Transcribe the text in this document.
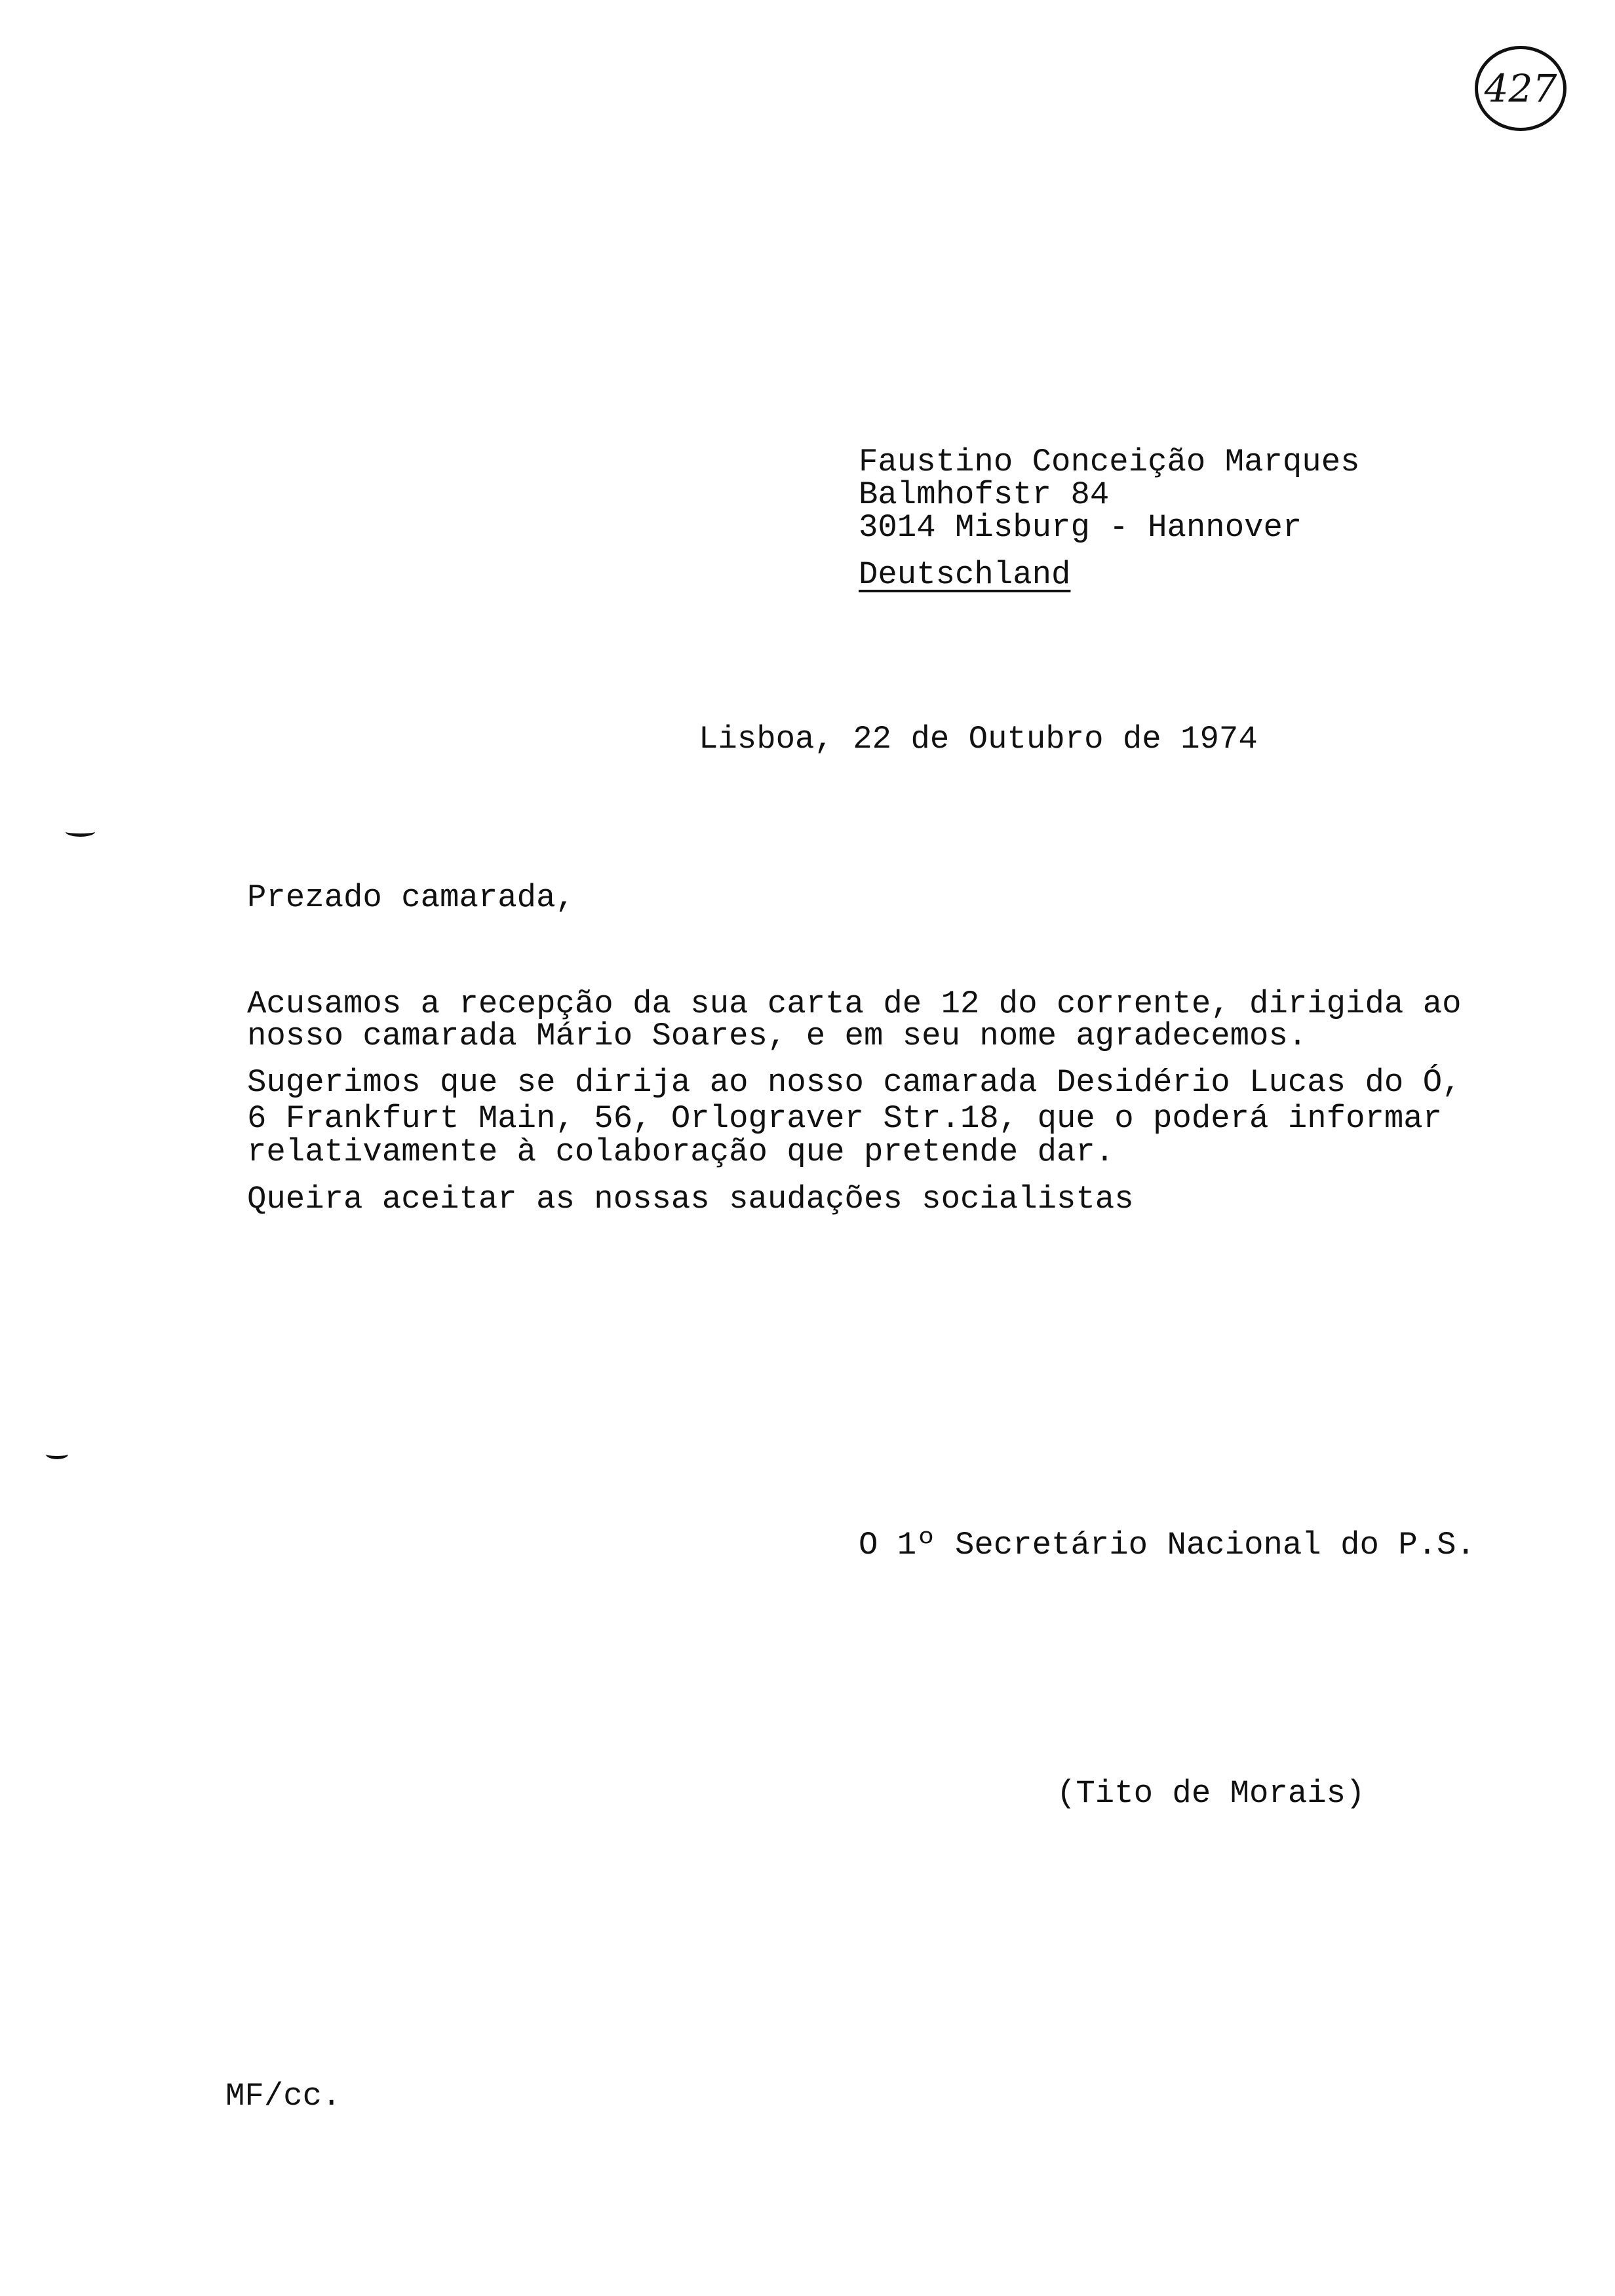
427
Faustino Conceição Marques
Balmhofstr 84
3014 Misburg - Hannover
Deutschland
Lisboa, 22 de Outubro de 1974
Prezado camarada,
Acusamos a recepção da sua carta de 12 do corrente, dirigida ao
nosso camarada Mário Soares, e em seu nome agradecemos.
Sugerimos que se dirija ao nosso camarada Desidério Lucas do Ó,
6 Frankfurt Main, 56, Orlograver Str.18, que o poderá informar
relativamente à colaboração que pretende dar.
Queira aceitar as nossas saudações socialistas
O 1º Secretário Nacional do P.S.
(Tito de Morais)
MF/cc.
